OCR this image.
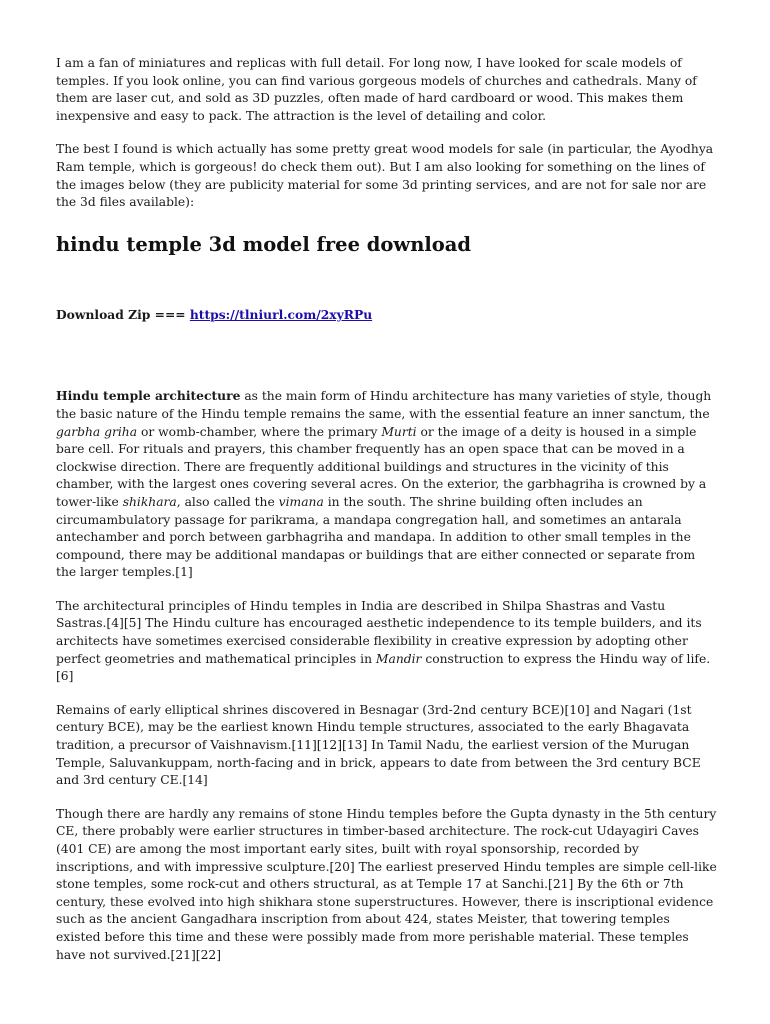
I am a fan of miniatures and replicas with full detail. For long now, I have looked for scale models of temples. If you look online, you can find various gorgeous models of churches and cathedrals. Many of them are laser cut, and sold as 3D puzzles, often made of hard cardboard or wood. This makes them inexpensive and easy to pack. The attraction is the level of detailing and color.

The best I found is which actually has some pretty great wood models for sale (in particular, the Ayodhya Ram temple, which is gorgeous! do check them out). But I am also looking for something on the lines of the images below (they are publicity material for some 3d printing services, and are not for sale nor are the 3d files available):

hindu temple 3d model free download
Download Zip === https://tlniurl.com/2xyRPu

Hindu temple architecture as the main form of Hindu architecture has many varieties of style, though the basic nature of the Hindu temple remains the same, with the essential feature an inner sanctum, the garbha griha or womb-chamber, where the primary Murti or the image of a deity is housed in a simple bare cell. For rituals and prayers, this chamber frequently has an open space that can be moved in a clockwise direction. There are frequently additional buildings and structures in the vicinity of this chamber, with the largest ones covering several acres. On the exterior, the garbhagriha is crowned by a tower-like shikhara, also called the vimana in the south. The shrine building often includes an circumambulatory passage for parikrama, a mandapa congregation hall, and sometimes an antarala antechamber and porch between garbhagriha and mandapa. In addition to other small temples in the compound, there may be additional mandapas or buildings that are either connected or separate from the larger temples.[1]

The architectural principles of Hindu temples in India are described in Shilpa Shastras and Vastu Sastras.[4][5] The Hindu culture has encouraged aesthetic independence to its temple builders, and its architects have sometimes exercised considerable flexibility in creative expression by adopting other perfect geometries and mathematical principles in Mandir construction to express the Hindu way of life.[6]

Remains of early elliptical shrines discovered in Besnagar (3rd-2nd century BCE)[10] and Nagari (1st century BCE), may be the earliest known Hindu temple structures, associated to the early Bhagavata tradition, a precursor of Vaishnavism.[11][12][13] In Tamil Nadu, the earliest version of the Murugan Temple, Saluvankuppam, north-facing and in brick, appears to date from between the 3rd century BCE and 3rd century CE.[14]

Though there are hardly any remains of stone Hindu temples before the Gupta dynasty in the 5th century CE, there probably were earlier structures in timber-based architecture. The rock-cut Udayagiri Caves (401 CE) are among the most important early sites, built with royal sponsorship, recorded by inscriptions, and with impressive sculpture.[20] The earliest preserved Hindu temples are simple cell-like stone temples, some rock-cut and others structural, as at Temple 17 at Sanchi.[21] By the 6th or 7th century, these evolved into high shikhara stone superstructures. However, there is inscriptional evidence such as the ancient Gangadhara inscription from about 424, states Meister, that towering temples existed before this time and these were possibly made from more perishable material. These temples have not survived.[21][22]
